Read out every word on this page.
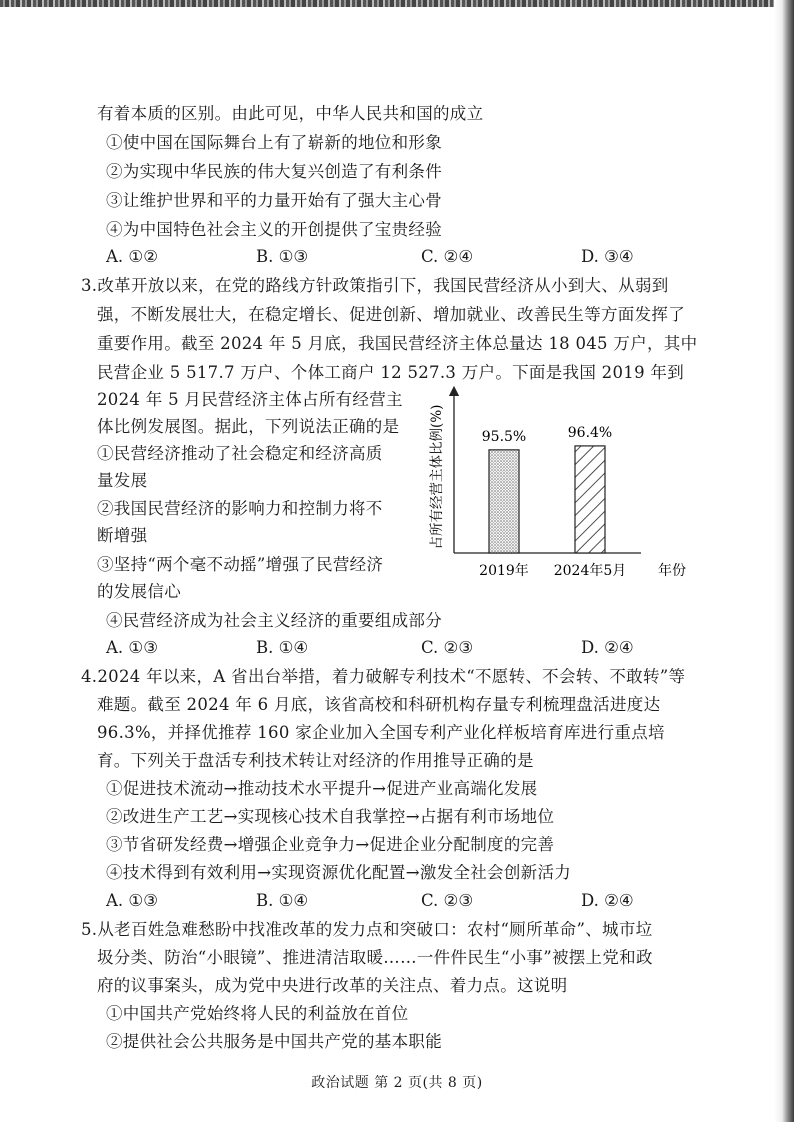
有着本质的区别。由此可见，中华人民共和国的成立

①使中国在国际舞台上有了崭新的地位和形象

②为实现中华民族的伟大复兴创造了有利条件

③让维护世界和平的力量开始有了强大主心骨

④为中国特色社会主义的开创提供了宝贵经验

A. ①②	B. ①③	C. ②④	D. ③④

3.改革开放以来，在党的路线方针政策指引下，我国民营经济从小到大、从弱到

强，不断发展壮大，在稳定增长、促进创新、增加就业、改善民生等方面发挥了

重要作用。截至 2024 年 5 月底，我国民营经济主体总量达 18 045 万户，其中

民营企业 5 517.7 万户、个体工商户 12 527.3 万户。下面是我国 2019 年到

2024 年 5 月民营经济主体占所有经营主

体比例发展图。据此，下列说法正确的是

①民营经济推动了社会稳定和经济高质

量发展

②我国民营经济的影响力和控制力将不

断增强

③坚持“两个毫不动摇”增强了民营经济

的发展信心

占所有经营主体比例(%)
年份
95.5%
2019年
96.4%
2024年5月

④民营经济成为社会主义经济的重要组成部分

A. ①③	B. ①④	C. ②③	D. ②④

4.2024 年以来，A 省出台举措，着力破解专利技术“不愿转、不会转、不敢转”等

难题。截至 2024 年 6 月底，该省高校和科研机构存量专利梳理盘活进度达

96.3%，并择优推荐 160 家企业加入全国专利产业化样板培育库进行重点培

育。下列关于盘活专利技术转让对经济的作用推导正确的是

①促进技术流动→推动技术水平提升→促进产业高端化发展

②改进生产工艺→实现核心技术自我掌控→占据有利市场地位

③节省研发经费→增强企业竞争力→促进企业分配制度的完善

④技术得到有效利用→实现资源优化配置→激发全社会创新活力

A. ①③	B. ①④	C. ②③	D. ②④

5.从老百姓急难愁盼中找准改革的发力点和突破口：农村“厕所革命”、城市垃

圾分类、防治“小眼镜”、推进清洁取暖……一件件民生“小事”被摆上党和政

府的议事案头，成为党中央进行改革的关注点、着力点。这说明

①中国共产党始终将人民的利益放在首位

②提供社会公共服务是中国共产党的基本职能

政治试题 第 2 页(共 8 页)
